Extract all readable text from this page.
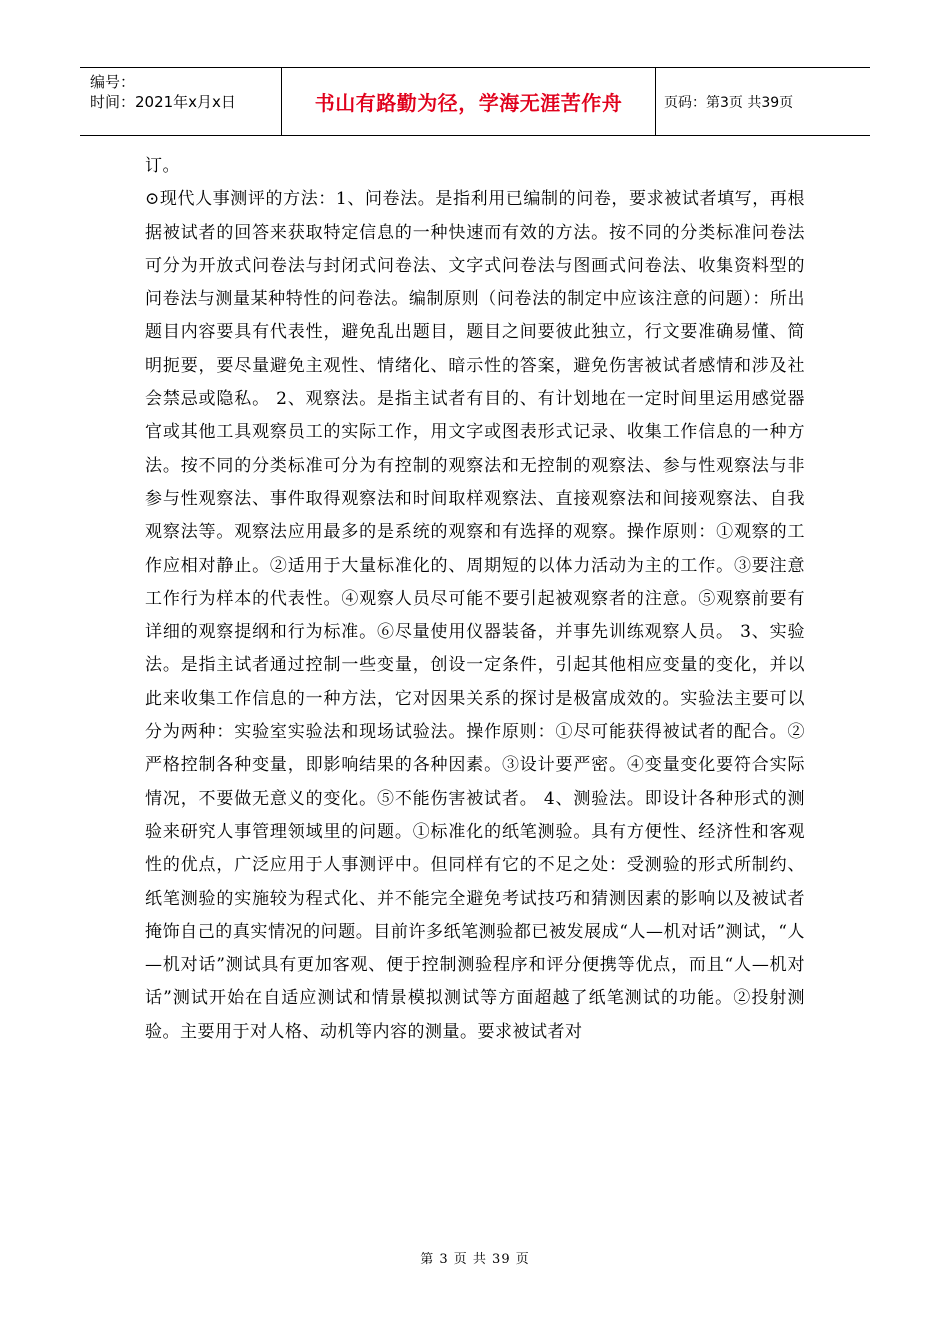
编号：
时间：2021年x月x日	书山有路勤为径，学海无涯苦作舟	页码：第3页 共39页

订。

⊙现代人事测评的方法：1、问卷法。是指利用已编制的问卷，要求被试者填写，再根据被试者的回答来获取特定信息的一种快速而有效的方法。按不同的分类标准问卷法可分为开放式问卷法与封闭式问卷法、文字式问卷法与图画式问卷法、收集资料型的问卷法与测量某种特性的问卷法。编制原则（问卷法的制定中应该注意的问题）：所出题目内容要具有代表性，避免乱出题目，题目之间要彼此独立，行文要准确易懂、简明扼要，要尽量避免主观性、情绪化、暗示性的答案，避免伤害被试者感情和涉及社会禁忌或隐私。 2、观察法。是指主试者有目的、有计划地在一定时间里运用感觉器官或其他工具观察员工的实际工作，用文字或图表形式记录、收集工作信息的一种方法。按不同的分类标准可分为有控制的观察法和无控制的观察法、参与性观察法与非参与性观察法、事件取得观察法和时间取样观察法、直接观察法和间接观察法、自我观察法等。观察法应用最多的是系统的观察和有选择的观察。操作原则：①观察的工作应相对静止。②适用于大量标准化的、周期短的以体力活动为主的工作。③要注意工作行为样本的代表性。④观察人员尽可能不要引起被观察者的注意。⑤观察前要有详细的观察提纲和行为标准。⑥尽量使用仪器装备，并事先训练观察人员。 3、实验法。是指主试者通过控制一些变量，创设一定条件，引起其他相应变量的变化，并以此来收集工作信息的一种方法，它对因果关系的探讨是极富成效的。实验法主要可以分为两种：实验室实验法和现场试验法。操作原则：①尽可能获得被试者的配合。②严格控制各种变量，即影响结果的各种因素。③设计要严密。④变量变化要符合实际情况，不要做无意义的变化。⑤不能伤害被试者。 4、测验法。即设计各种形式的测验来研究人事管理领域里的问题。①标准化的纸笔测验。具有方便性、经济性和客观性的优点，广泛应用于人事测评中。但同样有它的不足之处：受测验的形式所制约、纸笔测验的实施较为程式化、并不能完全避免考试技巧和猜测因素的影响以及被试者掩饰自己的真实情况的问题。目前许多纸笔测验都已被发展成“人—机对话”测试，“人—机对话”测试具有更加客观、便于控制测验程序和评分便携等优点，而且“人—机对话”测试开始在自适应测试和情景模拟测试等方面超越了纸笔测试的功能。②投射测验。主要用于对人格、动机等内容的测量。要求被试者对

第 3 页 共 39 页
